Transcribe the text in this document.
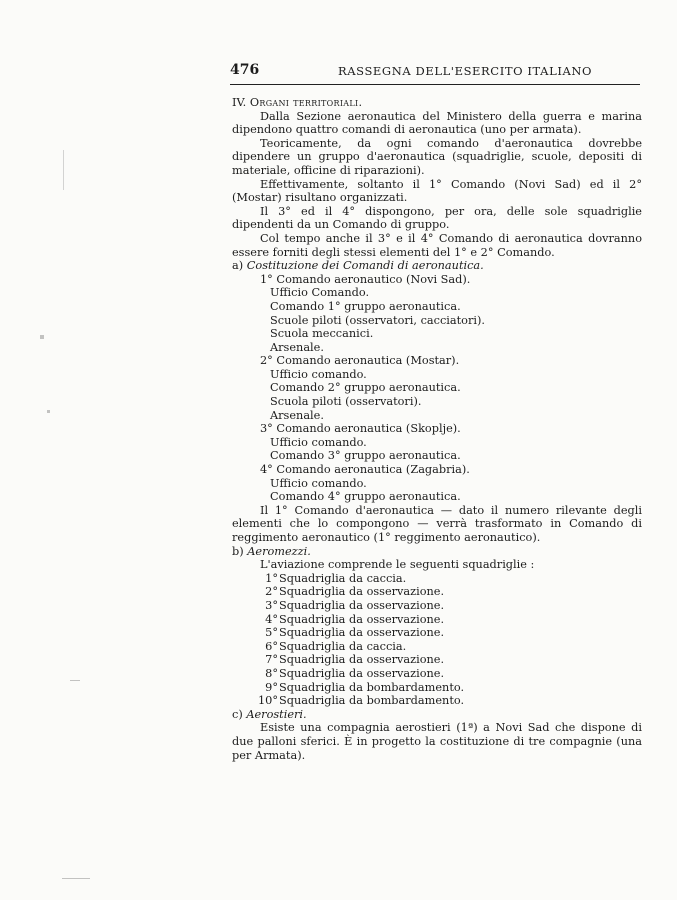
476	RASSEGNA DELL'ESERCITO ITALIANO

IV. Organi territoriali.

Dalla Sezione aeronautica del Ministero della guerra e marina dipendono quattro comandi di aeronautica (uno per armata).

Teoricamente, da ogni comando d'aeronautica dovrebbe dipendere un gruppo d'aeronautica (squadriglie, scuole, depositi di materiale, officine di riparazioni).

Effettivamente, soltanto il 1° Comando (Novi Sad) ed il 2° (Mostar) risultano organizzati.

Il 3° ed il 4° dispongono, per ora, delle sole squadriglie dipendenti da un Comando di gruppo.

Col tempo anche il 3° e il 4° Comando di aeronautica dovranno essere forniti degli stessi elementi del 1° e 2° Comando.

a) Costituzione dei Comandi di aeronautica.

1° Comando aeronautico (Novi Sad).

Ufficio Comando.

Comando 1° gruppo aeronautica.

Scuole piloti (osservatori, cacciatori).

Scuola meccanici.

Arsenale.

2° Comando aeronautica (Mostar).

Ufficio comando.

Comando 2° gruppo aeronautica.

Scuola piloti (osservatori).

Arsenale.

3° Comando aeronautica (Skoplje).

Ufficio comando.

Comando 3° gruppo aeronautica.

4° Comando aeronautica (Zagabria).

Ufficio comando.

Comando 4° gruppo aeronautica.

Il 1° Comando d'aeronautica — dato il numero rilevante degli elementi che lo compongono — verrà trasformato in Comando di reggimento aeronautico (1° reggimento aeronautico).

b) Aeromezzi.

L'aviazione comprende le seguenti squadriglie :

1° Squadriglia da caccia.
2° Squadriglia da osservazione.
3° Squadriglia da osservazione.
4° Squadriglia da osservazione.
5° Squadriglia da osservazione.
6° Squadriglia da caccia.
7° Squadriglia da osservazione.
8° Squadriglia da osservazione.
9° Squadriglia da bombardamento.
10° Squadriglia da bombardamento.

c) Aerostieri.

Esiste una compagnia aerostieri (1ª) a Novi Sad che dispone di due palloni sferici. È in progetto la costituzione di tre compagnie (una per Armata).
